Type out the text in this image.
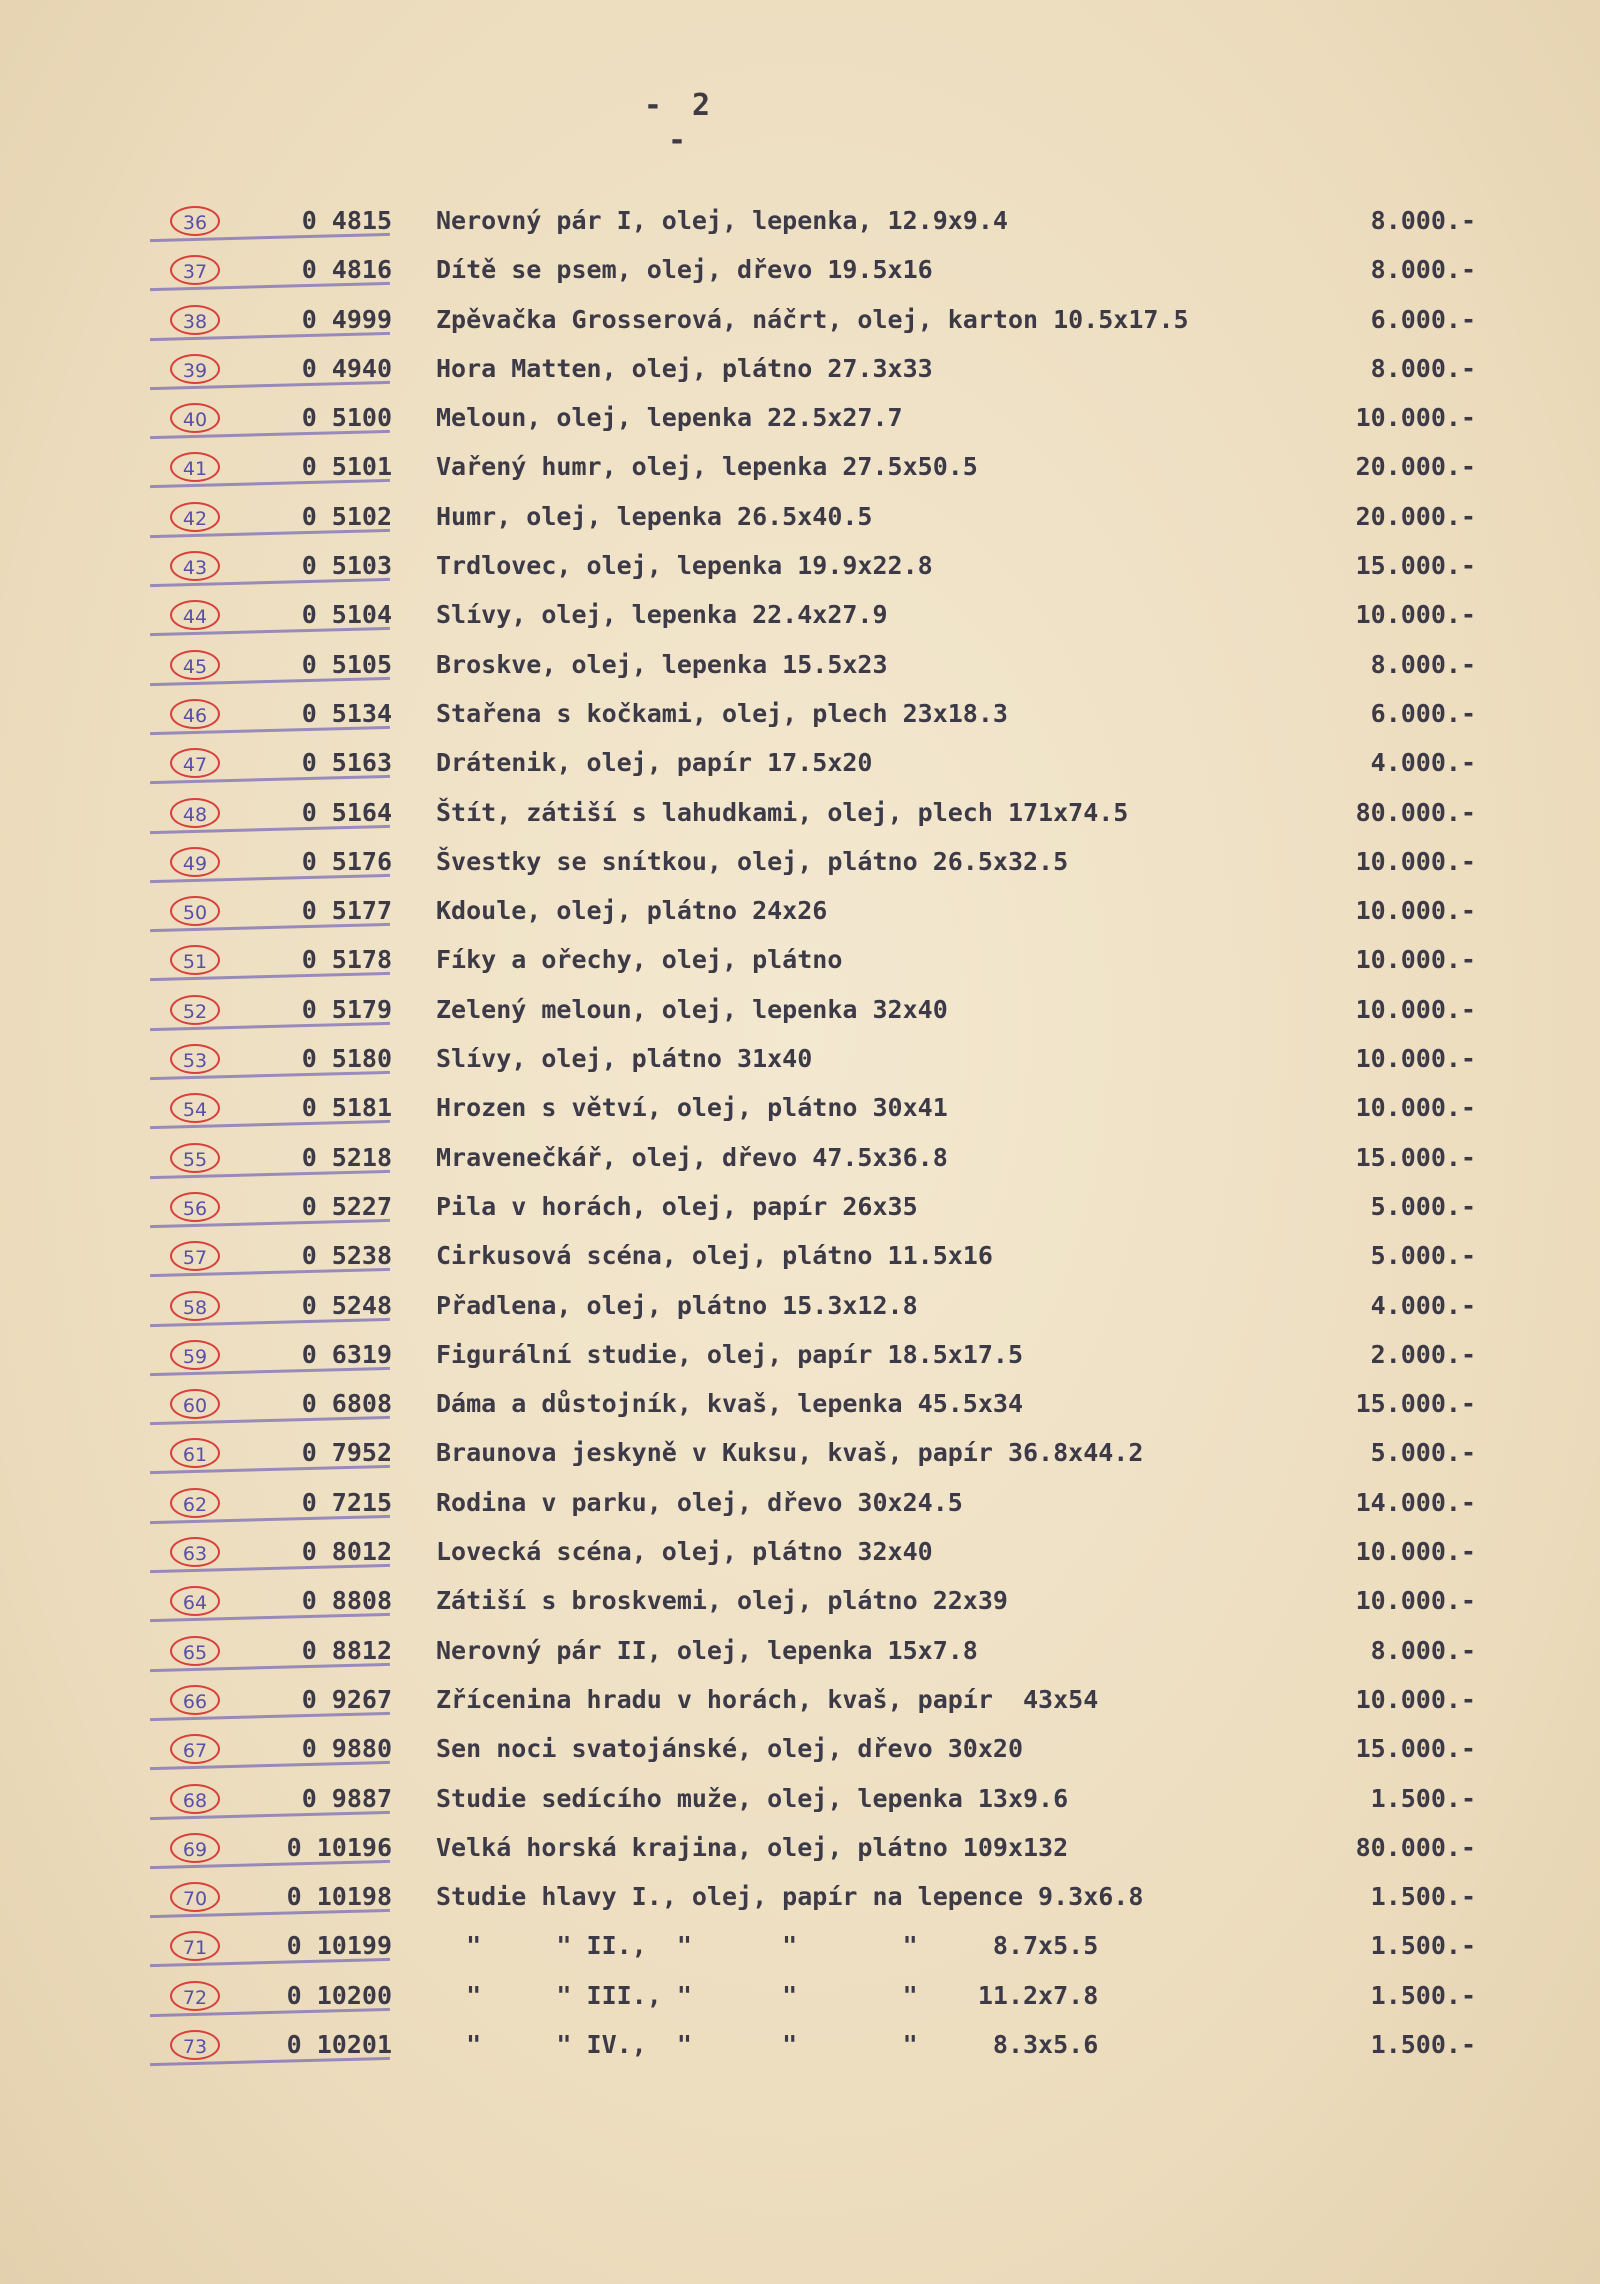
- 2 -
36	0 4815 Nerovný pár I, olej, lepenka, 12.9x9.4	8.000.-
37	0 4816 Dítě se psem, olej, dřevo 19.5x16	8.000.-
38	0 4999 Zpěvačka Grosserová, náčrt, olej, karton 10.5x17.5	6.000.-
39	0 4940 Hora Matten, olej, plátno 27.3x33	8.000.-
40	0 5100 Meloun, olej, lepenka 22.5x27.7	10.000.-
41	0 5101 Vařený humr, olej, lepenka 27.5x50.5	20.000.-
42	0 5102 Humr, olej, lepenka 26.5x40.5	20.000.-
43	0 5103 Trdlovec, olej, lepenka 19.9x22.8	15.000.-
44	0 5104 Slívy, olej, lepenka 22.4x27.9	10.000.-
45	0 5105 Broskve, olej, lepenka 15.5x23	8.000.-
46	0 5134 Stařena s kočkami, olej, plech 23x18.3	6.000.-
47	0 5163 Drátenik, olej, papír 17.5x20	4.000.-
48	0 5164 Štít, zátiší s lahudkami, olej, plech 171x74.5	80.000.-
49	0 5176 Švestky se snítkou, olej, plátno 26.5x32.5	10.000.-
50	0 5177 Kdoule, olej, plátno 24x26	10.000.-
51	0 5178 Fíky a ořechy, olej, plátno	10.000.-
52	0 5179 Zelený meloun, olej, lepenka 32x40	10.000.-
53	0 5180 Slívy, olej, plátno 31x40	10.000.-
54	0 5181 Hrozen s větví, olej, plátno 30x41	10.000.-
55	0 5218 Mravenečkář, olej, dřevo 47.5x36.8	15.000.-
56	0 5227 Pila v horách, olej, papír 26x35	5.000.-
57	0 5238 Cirkusová scéna, olej, plátno 11.5x16	5.000.-
58	0 5248 Přadlena, olej, plátno 15.3x12.8	4.000.-
59	0 6319 Figurální studie, olej, papír 18.5x17.5	2.000.-
60	0 6808 Dáma a důstojník, kvaš, lepenka 45.5x34	15.000.-
61	0 7952 Braunova jeskyně v Kuksu, kvaš, papír 36.8x44.2	5.000.-
62	0 7215 Rodina v parku, olej, dřevo 30x24.5	14.000.-
63	0 8012 Lovecká scéna, olej, plátno 32x40	10.000.-
64	0 8808 Zátiší s broskvemi, olej, plátno 22x39	10.000.-
65	0 8812 Nerovný pár II, olej, lepenka 15x7.8	8.000.-
66	0 9267 Zřícenina hradu v horách, kvaš, papír  43x54	10.000.-
67	0 9880 Sen noci svatojánské, olej, dřevo 30x20	15.000.-
68	0 9887 Studie sedícího muže, olej, lepenka 13x9.6	1.500.-
69	0 10196 Velká horská krajina, olej, plátno 109x132	80.000.-
70	0 10198 Studie hlavy I., olej, papír na lepence 9.3x6.8	1.500.-
71	0 10199 "     " II.,  "      "       "     8.7x5.5	1.500.-
72	0 10200 "     " III., "      "       "    11.2x7.8	1.500.-
73	0 10201 "     " IV.,  "      "       "     8.3x5.6	1.500.-
